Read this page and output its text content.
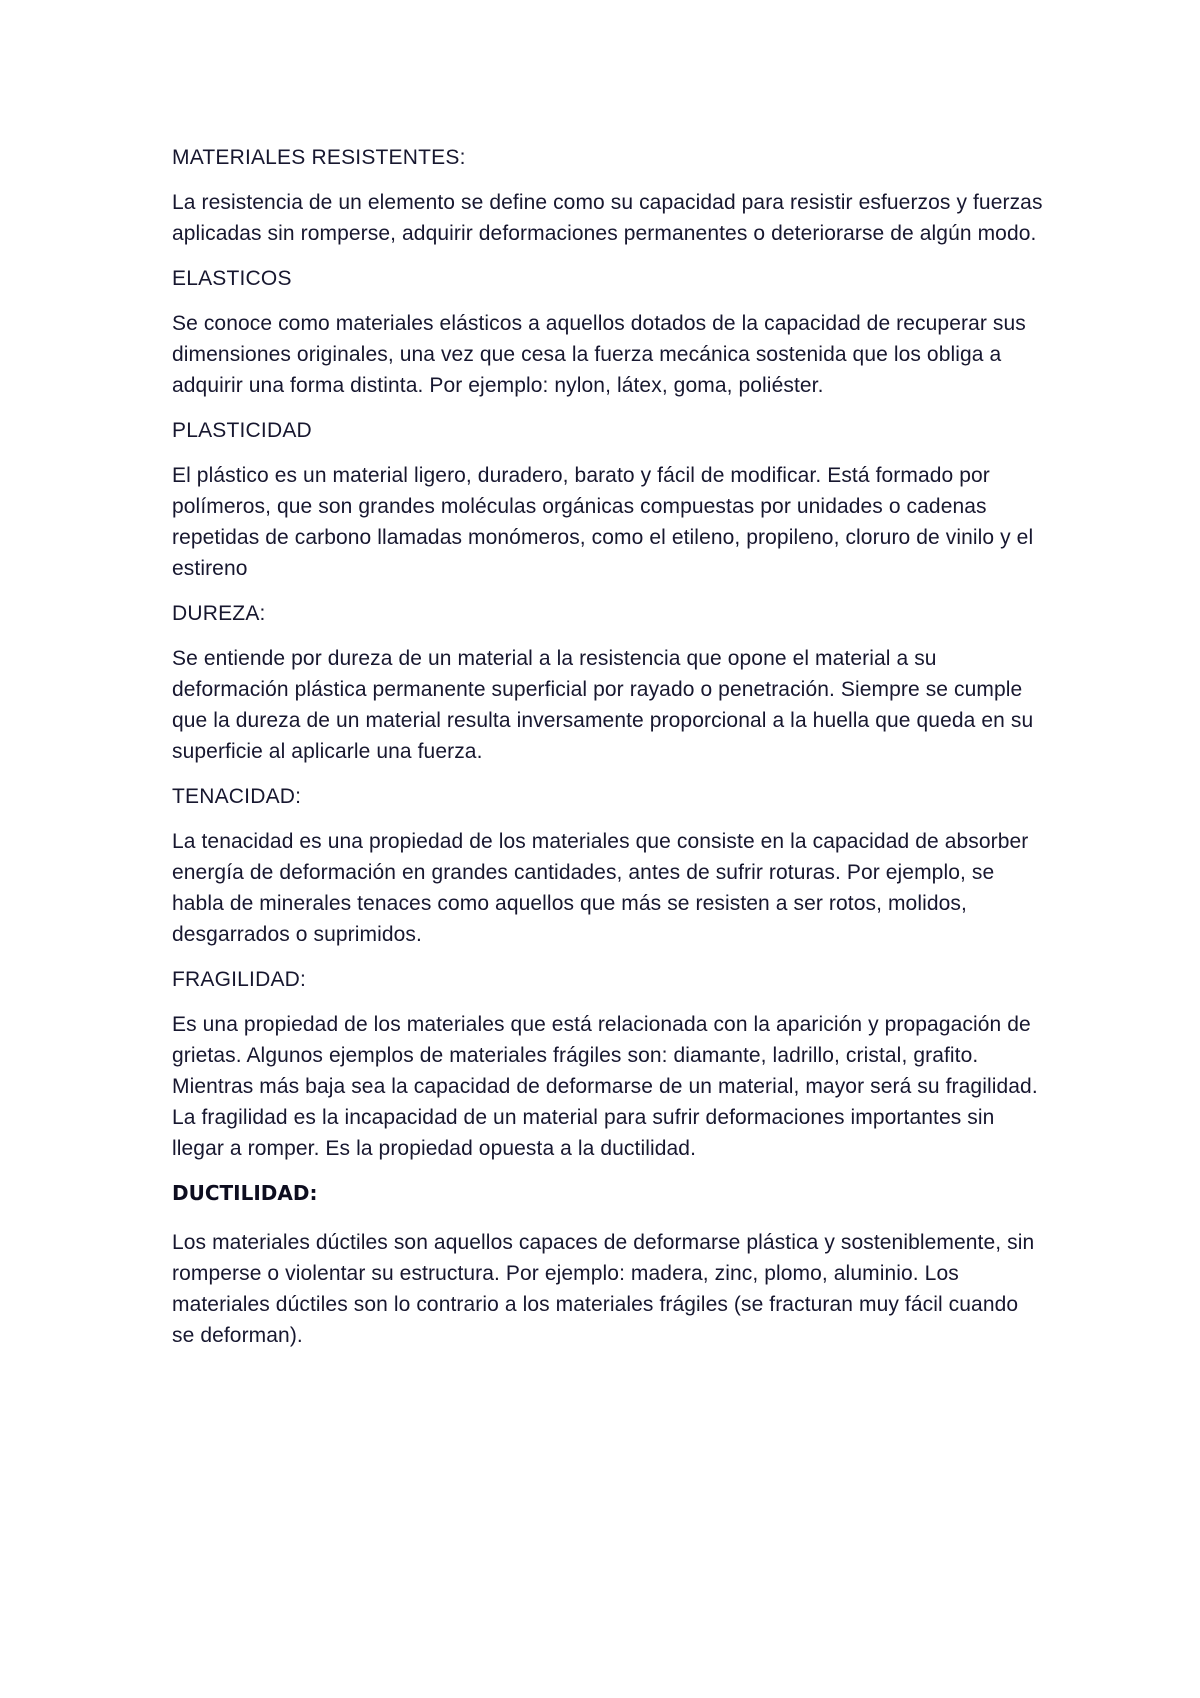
MATERIALES RESISTENTES:

La resistencia de un elemento se define como su capacidad para resistir esfuerzos y fuerzas aplicadas sin romperse, adquirir deformaciones permanentes o deteriorarse de algún modo.

ELASTICOS

Se conoce como materiales elásticos a aquellos dotados de la capacidad de recuperar sus dimensiones originales, una vez que cesa la fuerza mecánica sostenida que los obliga a adquirir una forma distinta. Por ejemplo: nylon, látex, goma, poliéster.

PLASTICIDAD

El plástico es un material ligero, duradero, barato y fácil de modificar. Está formado por polímeros, que son grandes moléculas orgánicas compuestas por unidades o cadenas repetidas de carbono llamadas monómeros, como el etileno, propileno, cloruro de vinilo y el estireno

DUREZA:

Se entiende por dureza de un material a la resistencia que opone el material a su deformación plástica permanente superficial por rayado o penetración. Siempre se cumple que la dureza de un material resulta inversamente proporcional a la huella que queda en su superficie al aplicarle una fuerza.

TENACIDAD:

La tenacidad es una propiedad de los materiales que consiste en la capacidad de absorber energía de deformación en grandes cantidades, antes de sufrir roturas. Por ejemplo, se habla de minerales tenaces como aquellos que más se resisten a ser rotos, molidos, desgarrados o suprimidos.

FRAGILIDAD:

Es una propiedad de los materiales que está relacionada con la aparición y propagación de grietas. Algunos ejemplos de materiales frágiles son: diamante, ladrillo, cristal, grafito. Mientras más baja sea la capacidad de deformarse de un material, mayor será su fragilidad. La fragilidad es la incapacidad de un material para sufrir deformaciones importantes sin llegar a romper. Es la propiedad opuesta a la ductilidad.

DUCTILIDAD:

Los materiales dúctiles son aquellos capaces de deformarse plástica y sosteniblemente, sin romperse o violentar su estructura. Por ejemplo: madera, zinc, plomo, aluminio. Los materiales dúctiles son lo contrario a los materiales frágiles (se fracturan muy fácil cuando se deforman).
